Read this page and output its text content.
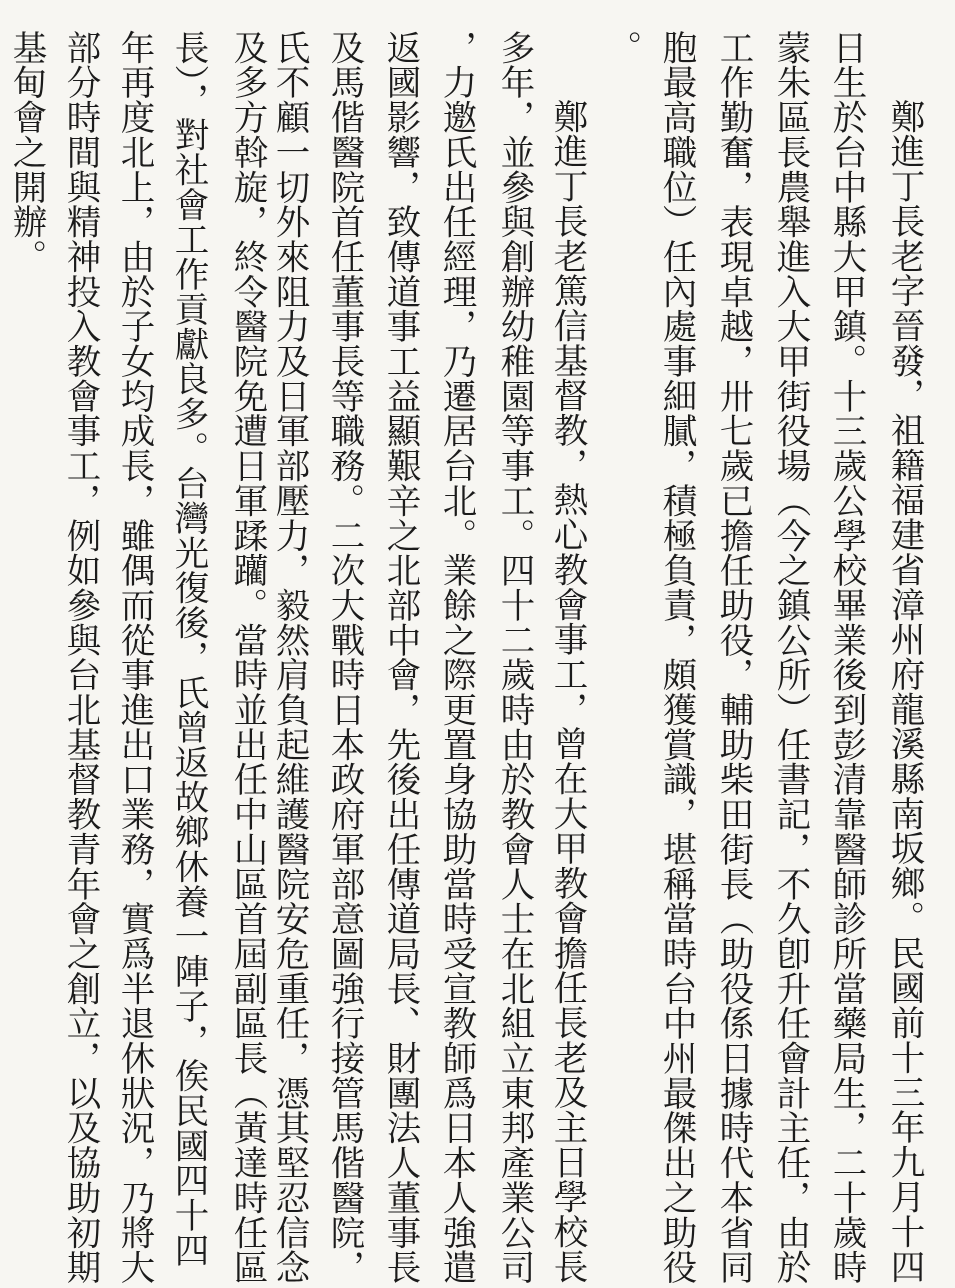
鄭進丁長老字晉發，祖籍福建省漳州府龍溪縣南坂鄉。民國前十三年九月十四
日生於台中縣大甲鎮。十三歲公學校畢業後到彭清靠醫師診所當藥局生，二十歲時
蒙朱區長農舉進入大甲街役場（今之鎮公所）任書記，不久卽升任會計主任，由於
工作勤奮，表現卓越，卅七歲已擔任助役，輔助柴田街長（助役係日據時代本省同
胞最高職位）任內處事細膩，積極負責，頗獲賞識，堪稱當時台中州最傑出之助役
。
鄭進丁長老篤信基督教，熱心教會事工，曾在大甲教會擔任長老及主日學校長
多年，並參與創辦幼稚園等事工。四十二歲時由於教會人士在北組立東邦產業公司
，力邀氏出任經理，乃遷居台北。業餘之際更置身協助當時受宣教師爲日本人強遣
返國影響，致傳道事工益顯艱辛之北部中會，先後出任傳道局長、財團法人董事長
及馬偕醫院首任董事長等職務。二次大戰時日本政府軍部意圖強行接管馬偕醫院，
氏不顧一切外來阻力及日軍部壓力，毅然肩負起維護醫院安危重任，憑其堅忍信念
及多方斡旋，終令醫院免遭日軍蹂躪。當時並出任中山區首屆副區長（黃達時任區
長），對社會工作貢獻良多。台灣光復後，氏曾返故鄉休養一陣子，俟民國四十四
年再度北上，由於子女均成長，雖偶而從事進出口業務，實爲半退休狀況，乃將大
部分時間與精神投入教會事工，例如參與台北基督教青年會之創立，以及協助初期
基甸會之開辦。
